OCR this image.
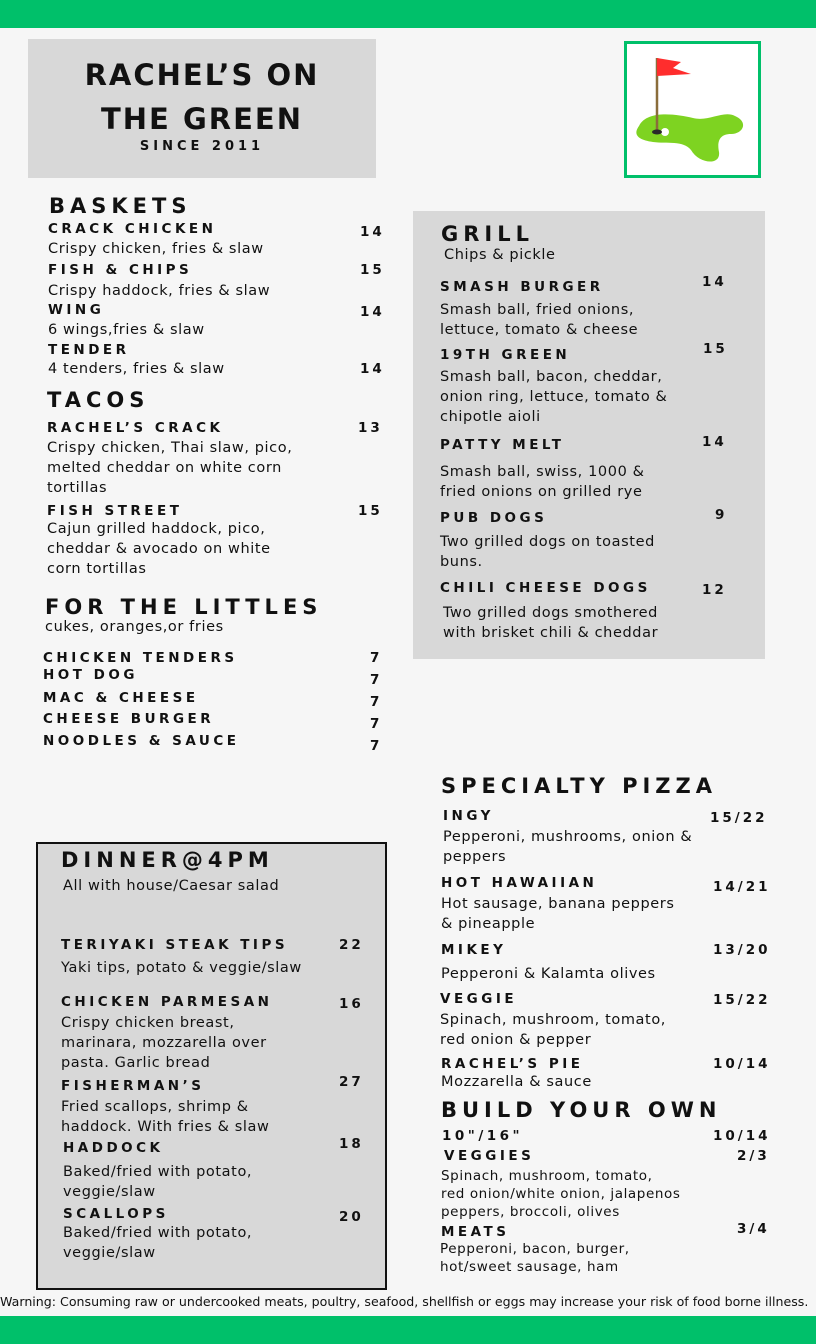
RACHEL’S ON
THE GREEN
SINCE 2011
BASKETS
CRACK CHICKEN
Crispy chicken, fries & slaw
14
FISH & CHIPS
Crispy haddock, fries & slaw
15
WING
6 wings,fries & slaw
14
TENDER
4 tenders, fries & slaw	14
TACOS
RACHEL’S CRACK
Crispy chicken, Thai slaw, pico, melted cheddar on white corn tortillas
13
FISH STREET
Cajun grilled haddock, pico, cheddar & avocado on white corn tortillas
15
FOR THE LITTLES
cukes, oranges,or fries
CHICKEN TENDERS	7
HOT DOG	7
MAC & CHEESE	7
CHEESE BURGER	7
NOODLES & SAUCE	7
GRILL
Chips & pickle
SMASH BURGER
Smash ball, fried onions, lettuce, tomato & cheese
14
19TH GREEN
Smash ball, bacon, cheddar, onion ring, lettuce, tomato & chipotle aioli
15
PATTY MELT
Smash ball, swiss, 1000 & fried onions on grilled rye
14
PUB DOGS
Two grilled dogs on toasted buns.
9
CHILI CHEESE DOGS
Two grilled dogs smothered with brisket chili & cheddar
12
SPECIALTY PIZZA
INGY
Pepperoni, mushrooms, onion & peppers
15/22
HOT HAWAIIAN
Hot sausage, banana peppers & pineapple
14/21
MIKEY
Pepperoni & Kalamta olives
13/20
VEGGIE
Spinach, mushroom, tomato, red onion & pepper
15/22
RACHEL’S PIE
Mozzarella & sauce
10/14
BUILD YOUR OWN
10"/16"	10/14
VEGGIES	2/3
Spinach, mushroom, tomato, red onion/white onion, jalapenos peppers, broccoli, olives
MEATS	3/4
Pepperoni, bacon, burger, hot/sweet sausage, ham
DINNER@4PM
All with house/Caesar salad
TERIYAKI STEAK TIPS
Yaki tips, potato & veggie/slaw
22
CHICKEN PARMESAN
Crispy chicken breast, marinara, mozzarella over pasta. Garlic bread
16
FISHERMAN’S
Fried scallops, shrimp & haddock. With fries & slaw
27
HADDOCK
Baked/fried with potato, veggie/slaw
18
SCALLOPS
Baked/fried with potato, veggie/slaw
20
Warning: Consuming raw or undercooked meats, poultry, seafood, shellfish or eggs may increase your risk of food borne illness.
